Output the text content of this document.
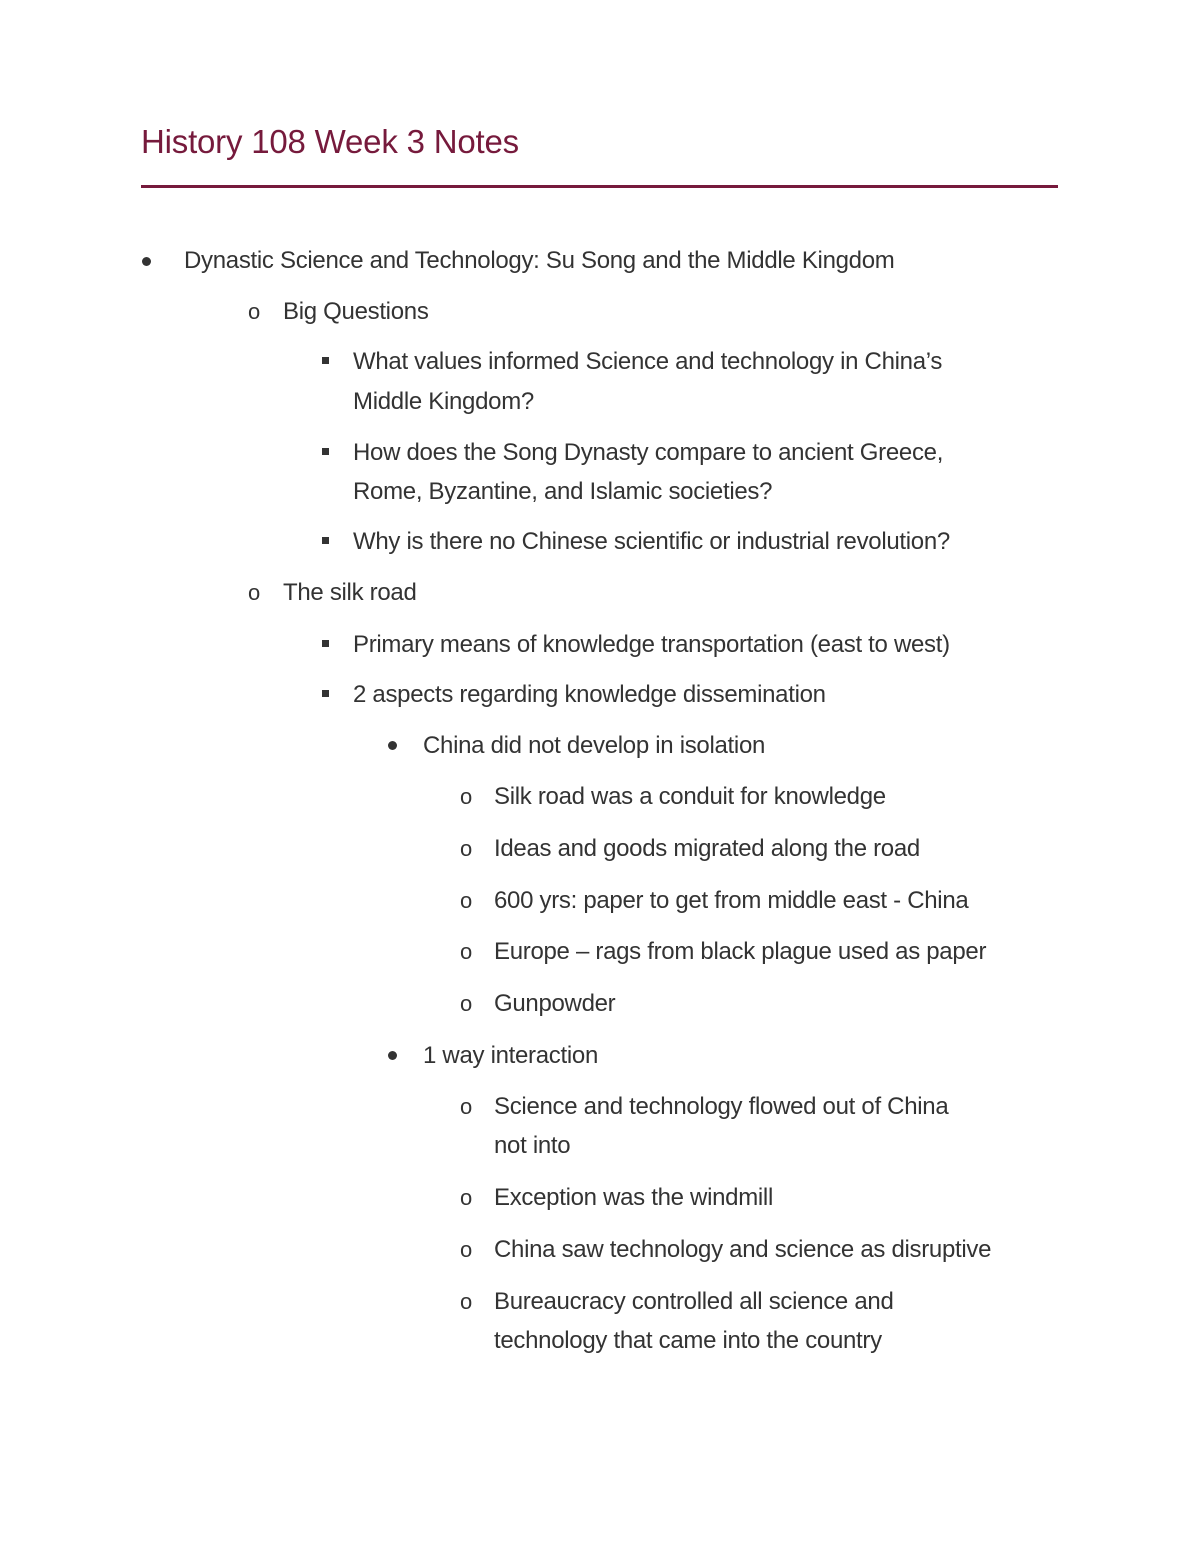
History 108 Week 3 Notes
Dynastic Science and Technology: Su Song and the Middle Kingdom
o Big Questions
What values informed Science and technology in China’s
Middle Kingdom?
How does the Song Dynasty compare to ancient Greece,
Rome, Byzantine, and Islamic societies?
Why is there no Chinese scientific or industrial revolution?
o The silk road
Primary means of knowledge transportation (east to west)
2 aspects regarding knowledge dissemination
China did not develop in isolation
o Silk road was a conduit for knowledge
o Ideas and goods migrated along the road
o 600 yrs: paper to get from middle east - China
o Europe – rags from black plague used as paper
o Gunpowder
1 way interaction
o Science and technology flowed out of China
not into
o Exception was the windmill
o China saw technology and science as disruptive
o Bureaucracy controlled all science and
technology that came into the country
